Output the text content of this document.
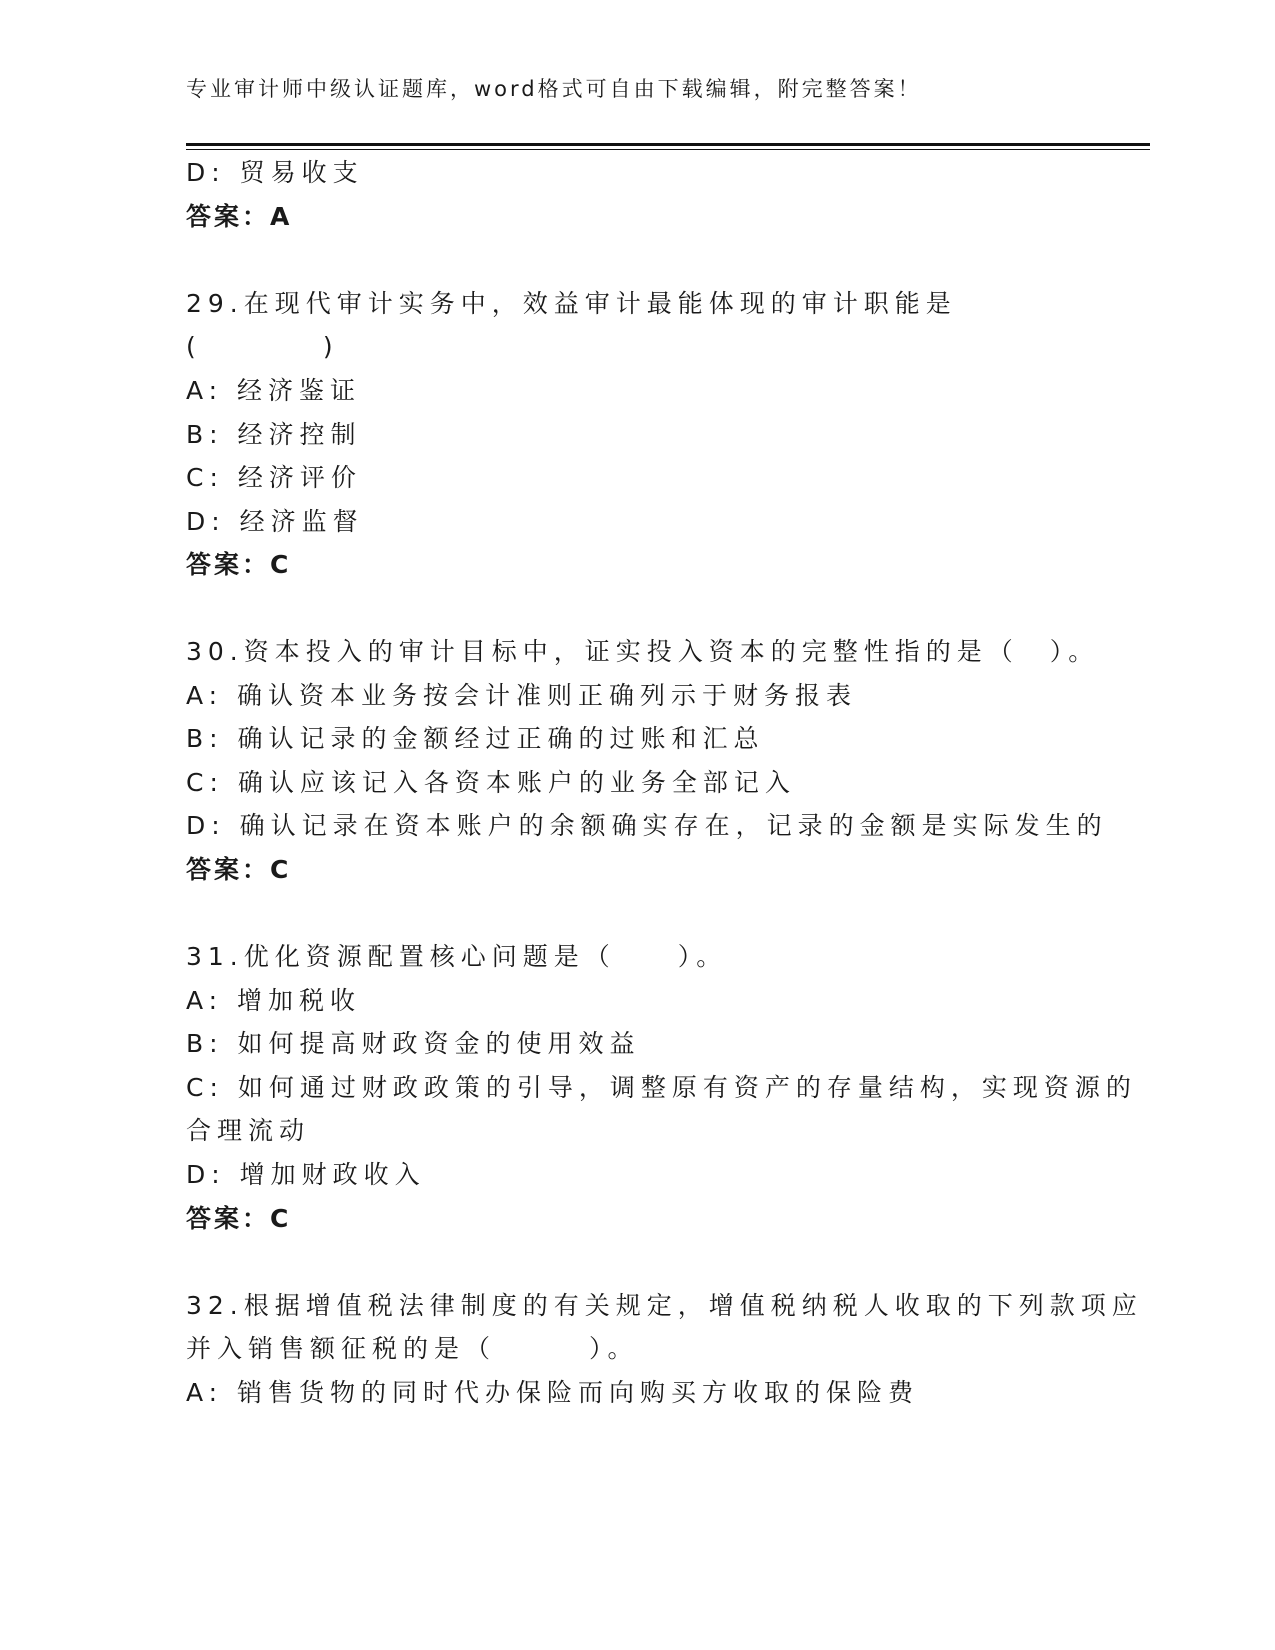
专业审计师中级认证题库，word格式可自由下载编辑，附完整答案！
D: 贸易收支
答案：A
29.在现代审计实务中，效益审计最能体现的审计职能是
(                )
A: 经济鉴证
B: 经济控制
C: 经济评价
D: 经济监督
答案：C
30.资本投入的审计目标中，证实投入资本的完整性指的是（　）。
A: 确认资本业务按会计准则正确列示于财务报表
B: 确认记录的金额经过正确的过账和汇总
C: 确认应该记入各资本账户的业务全部记入
D: 确认记录在资本账户的余额确实存在，记录的金额是实际发生的
答案：C
31.优化资源配置核心问题是（　　）。
A: 增加税收
B: 如何提高财政资金的使用效益
C: 如何通过财政政策的引导，调整原有资产的存量结构，实现资源的
合理流动
D: 增加财政收入
答案：C
32.根据增值税法律制度的有关规定，增值税纳税人收取的下列款项应
并入销售额征税的是（　　　）。
A: 销售货物的同时代办保险而向购买方收取的保险费
